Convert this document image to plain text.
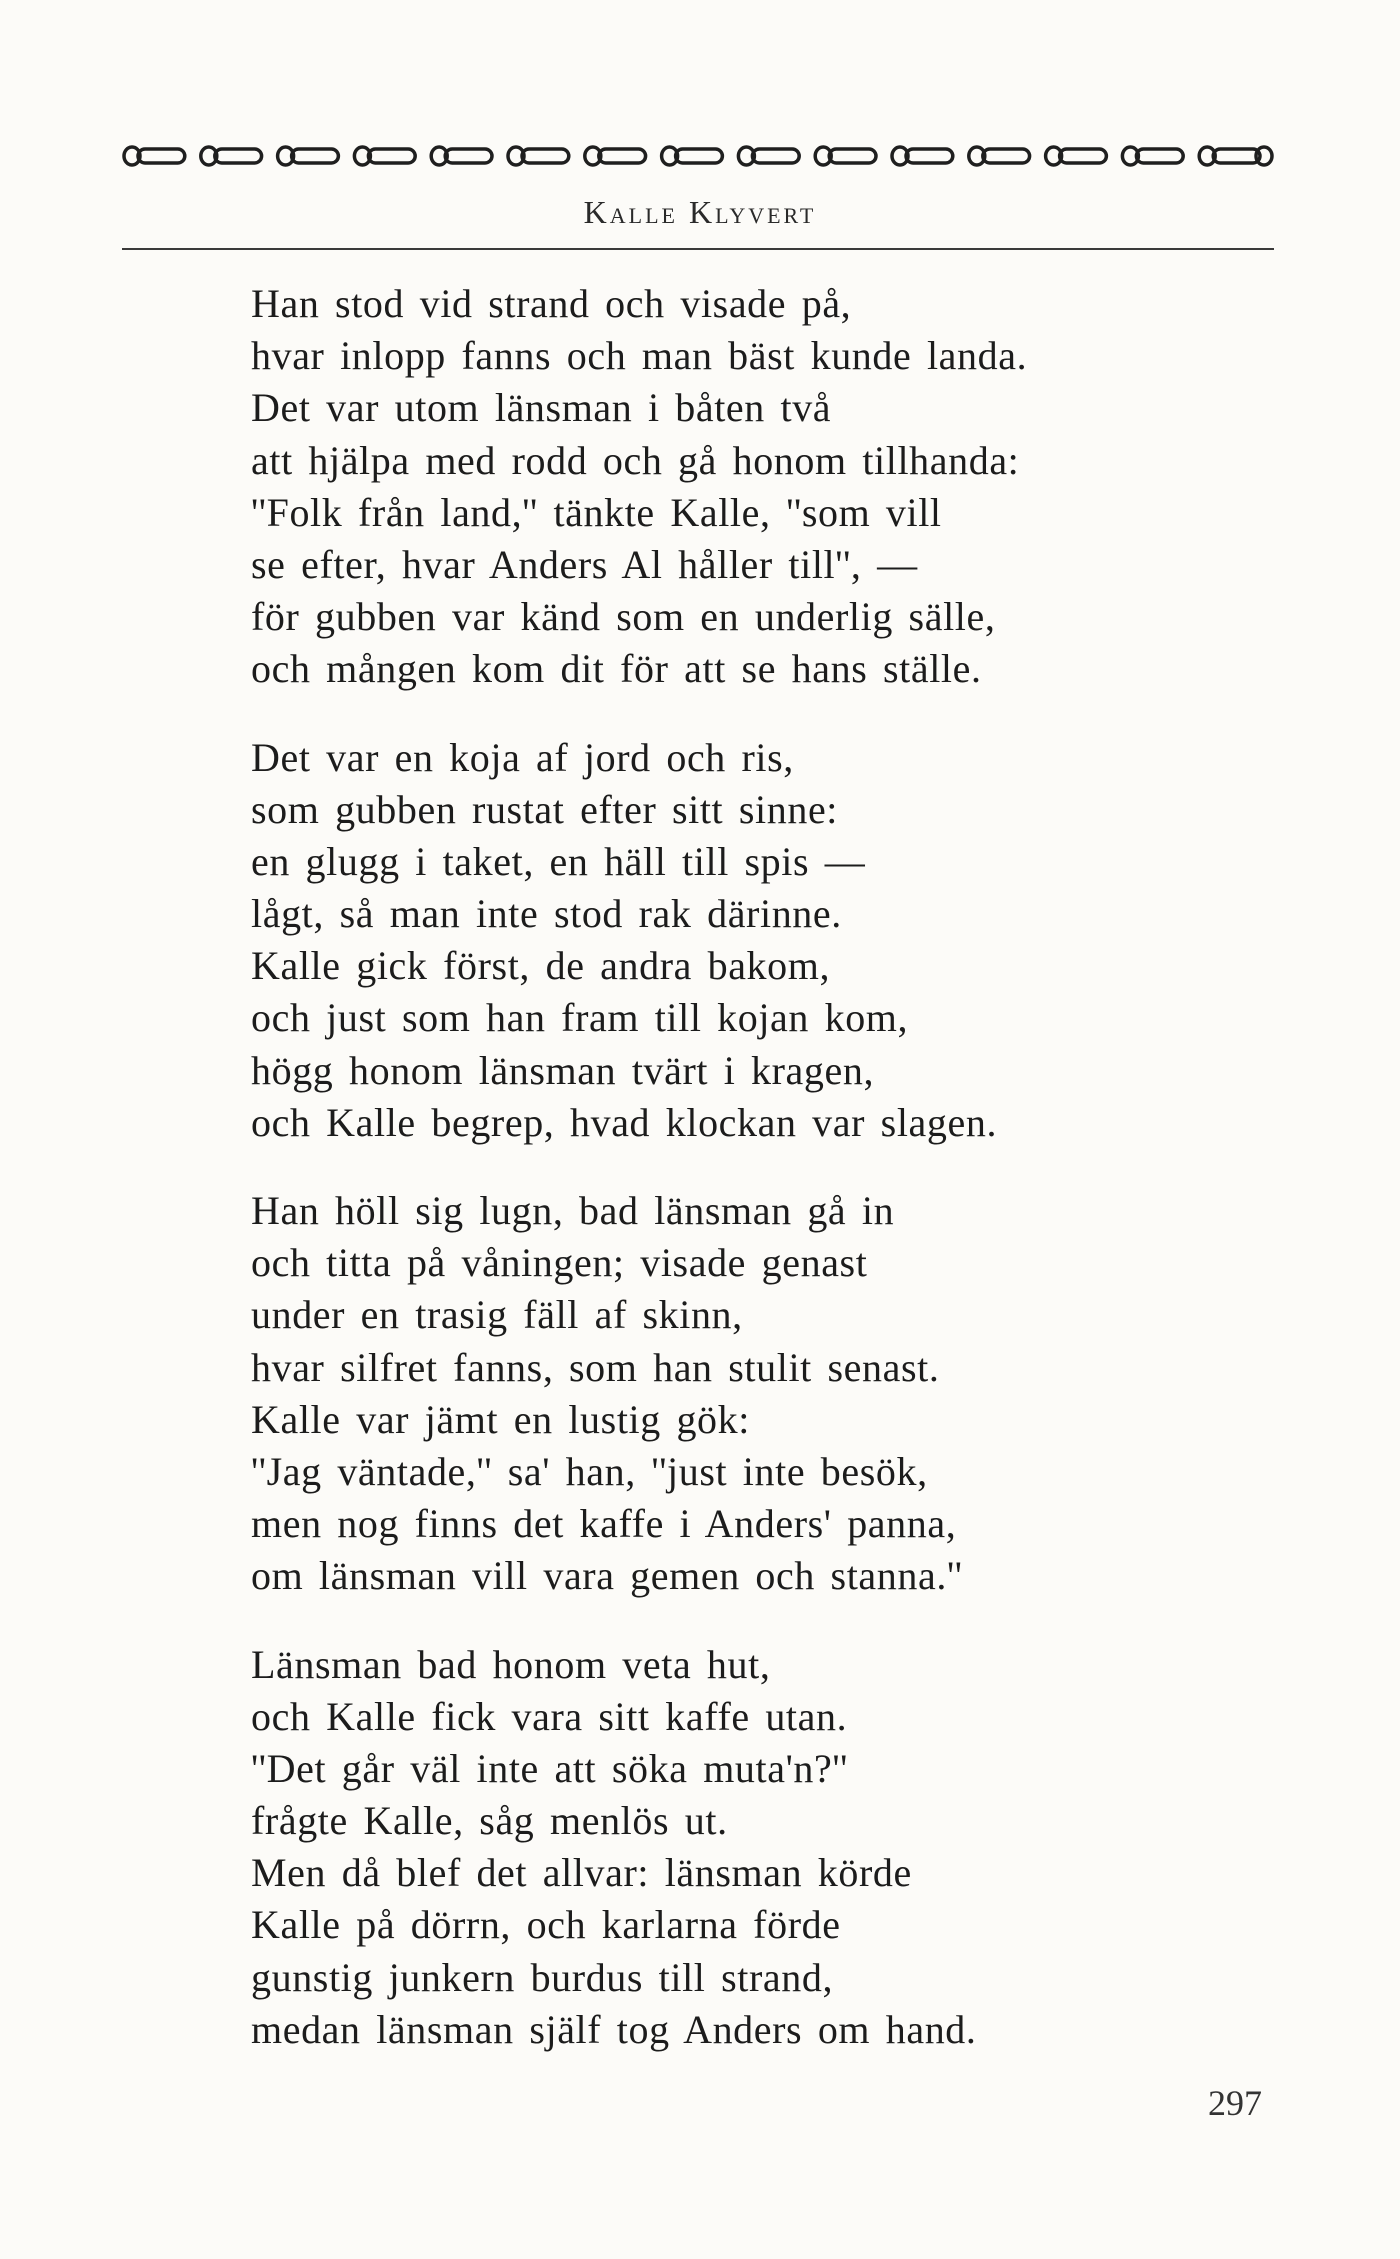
Kalle Klyvert
Han stod vid strand och visade på,
hvar inlopp fanns och man bäst kunde landa.
Det var utom länsman i båten två
att hjälpa med rodd och gå honom tillhanda:
''Folk från land,'' tänkte Kalle, ''som vill
se efter, hvar Anders Al håller till'', —
för gubben var känd som en underlig sälle,
och mången kom dit för att se hans ställe.
Det var en koja af jord och ris,
som gubben rustat efter sitt sinne:
en glugg i taket, en häll till spis —
lågt, så man inte stod rak därinne.
Kalle gick först, de andra bakom,
och just som han fram till kojan kom,
högg honom länsman tvärt i kragen,
och Kalle begrep, hvad klockan var slagen.
Han höll sig lugn, bad länsman gå in
och titta på våningen; visade genast
under en trasig fäll af skinn,
hvar silfret fanns, som han stulit senast.
Kalle var jämt en lustig gök:
''Jag väntade,'' sa' han, ''just inte besök,
men nog finns det kaffe i Anders' panna,
om länsman vill vara gemen och stanna.''
Länsman bad honom veta hut,
och Kalle fick vara sitt kaffe utan.
''Det går väl inte att söka muta'n?''
frågte Kalle, såg menlös ut.
Men då blef det allvar: länsman körde
Kalle på dörrn, och karlarna förde
gunstig junkern burdus till strand,
medan länsman själf tog Anders om hand.
297
